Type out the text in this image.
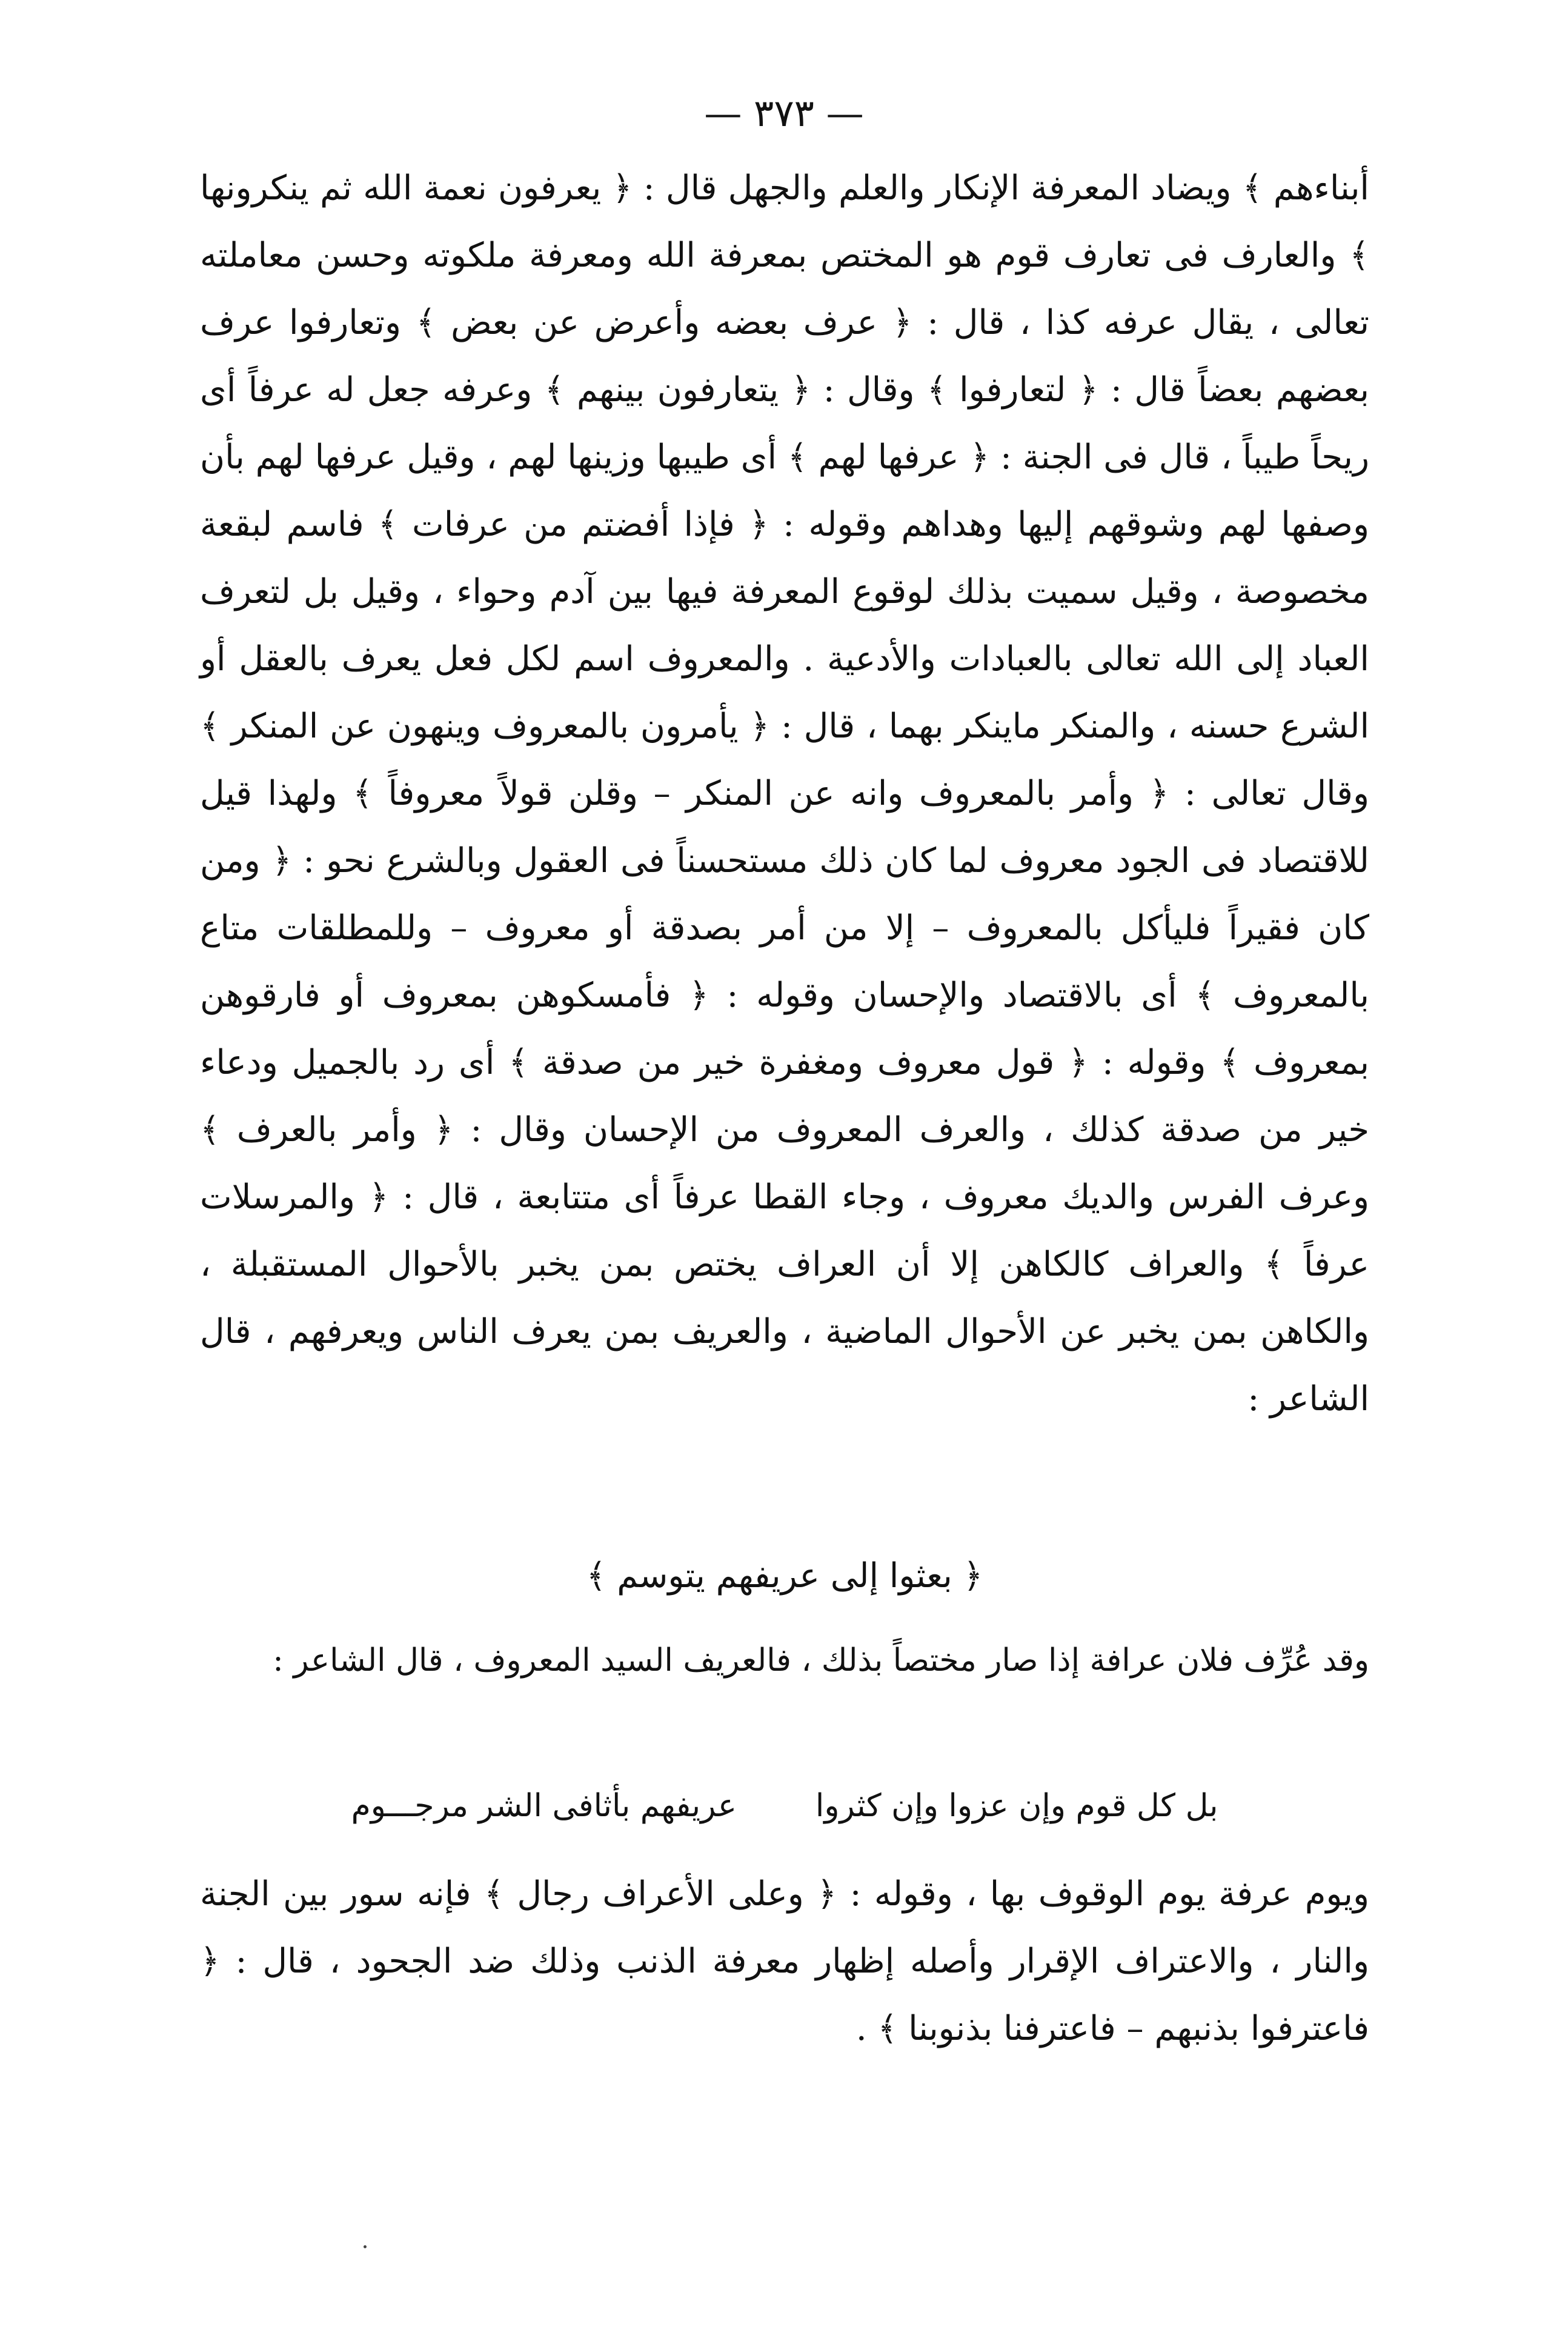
— ٣٧٣ —

أبناءهم ﴾ ويضاد المعرفة الإنكار والعلم والجهل قال : ﴿ يعرفون نعمة الله ثم ينكرونها ﴾ والعارف فى تعارف قوم هو المختص بمعرفة الله ومعرفة ملكوته وحسن معاملته تعالى ، يقال عرفه كذا ، قال : ﴿ عرف بعضه وأعرض عن بعض ﴾ وتعارفوا عرف بعضهم بعضاً قال : ﴿ لتعارفوا ﴾ وقال : ﴿ يتعارفون بينهم ﴾ وعرفه جعل له عرفاً أى ريحاً طيباً ، قال فى الجنة : ﴿ عرفها لهم ﴾ أى طيبها وزينها لهم ، وقيل عرفها لهم بأن وصفها لهم وشوقهم إليها وهداهم وقوله : ﴿ فإذا أفضتم من عرفات ﴾ فاسم لبقعة مخصوصة ، وقيل سميت بذلك لوقوع المعرفة فيها بين آدم وحواء ، وقيل بل لتعرف العباد إلى الله تعالى بالعبادات والأدعية . والمعروف اسم لكل فعل يعرف بالعقل أو الشرع حسنه ، والمنكر ماينكر بهما ، قال : ﴿ يأمرون بالمعروف وينهون عن المنكر ﴾ وقال تعالى : ﴿ وأمر بالمعروف وانه عن المنكر – وقلن قولاً معروفاً ﴾ ولهذا قيل للاقتصاد فى الجود معروف لما كان ذلك مستحسناً فى العقول وبالشرع نحو : ﴿ ومن كان فقيراً فليأكل بالمعروف – إلا من أمر بصدقة أو معروف – وللمطلقات متاع بالمعروف ﴾ أى بالاقتصاد والإحسان وقوله : ﴿ فأمسكوهن بمعروف أو فارقوهن بمعروف ﴾ وقوله : ﴿ قول معروف ومغفرة خير من صدقة ﴾ أى رد بالجميل ودعاء خير من صدقة كذلك ، والعرف المعروف من الإحسان وقال : ﴿ وأمر بالعرف ﴾ وعرف الفرس والديك معروف ، وجاء القطا عرفاً أى متتابعة ، قال : ﴿ والمرسلات عرفاً ﴾ والعراف كالكاهن إلا أن العراف يختص بمن يخبر بالأحوال المستقبلة ، والكاهن بمن يخبر عن الأحوال الماضية ، والعريف بمن يعرف الناس ويعرفهم ، قال الشاعر :

﴿ بعثوا إلى عريفهم يتوسم ﴾

وقد عُرِّف فلان عرافة إذا صار مختصاً بذلك ، فالعريف السيد المعروف ، قال الشاعر :

بل كل قوم وإن عزوا وإن كثروا
عريفهم بأثافى الشر مرجـــوم

ويوم عرفة يوم الوقوف بها ، وقوله : ﴿ وعلى الأعراف رجال ﴾ فإنه سور بين الجنة والنار ، والاعتراف الإقرار وأصله إظهار معرفة الذنب وذلك ضد الجحود ، قال : ﴿ فاعترفوا بذنبهم – فاعترفنا بذنوبنا ﴾ .
